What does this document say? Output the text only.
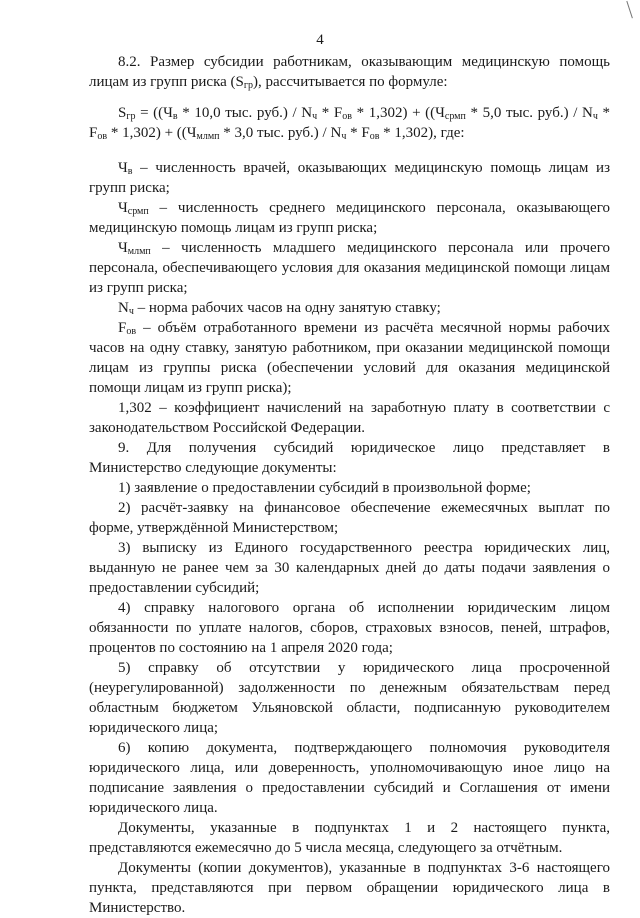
4

8.2. Размер субсидии работникам, оказывающим медицинскую помощь лицам из групп риска $(S_{гр})$, рассчитывается по формуле:

$S_{гр} = ((Ч_в * 10,0$ тыс. $руб.) / N_ч * F_{ов} * 1,302) + ((Ч_{срмп} * 5,0$ тыс. $руб.) / N_ч * F_{ов} * 1,302) + ((Ч_{млмп} * 3,0$ тыс. $руб.) / N_ч * F_{ов} * 1,302$), где:

$Ч_в$ – численность врачей, оказывающих медицинскую помощь лицам из групп риска;

$Ч_{срмп}$ – численность среднего медицинского персонала, оказывающего медицинскую помощь лицам из групп риска;

$Ч_{млмп}$ – численность младшего медицинского персонала или прочего персонала, обеспечивающего условия для оказания медицинской помощи лицам из групп риска;

$N_ч$ – норма рабочих часов на одну занятую ставку;

$F_{ов}$ – объём отработанного времени из расчёта месячной нормы рабочих часов на одну ставку, занятую работником, при оказании медицинской помощи лицам из группы риска (обеспечении условий для оказания медицинской помощи лицам из групп риска);

1,302 – коэффициент начислений на заработную плату в соответствии с законодательством Российской Федерации.

9. Для получения субсидий юридическое лицо представляет в Министерство следующие документы:

1) заявление о предоставлении субсидий в произвольной форме;

2) расчёт-заявку на финансовое обеспечение ежемесячных выплат по форме, утверждённой Министерством;

3) выписку из Единого государственного реестра юридических лиц, выданную не ранее чем за 30 календарных дней до даты подачи заявления о предоставлении субсидий;

4) справку налогового органа об исполнении юридическим лицом обязанности по уплате налогов, сборов, страховых взносов, пеней, штрафов, процентов по состоянию на 1 апреля 2020 года;

5) справку об отсутствии у юридического лица просроченной (неурегулированной) задолженности по денежным обязательствам перед областным бюджетом Ульяновской области, подписанную руководителем юридического лица;

6) копию документа, подтверждающего полномочия руководителя юридического лица, или доверенность, уполномочивающую иное лицо на подписание заявления о предоставлении субсидий и Соглашения от имени юридического лица.

Документы, указанные в подпунктах 1 и 2 настоящего пункта, представляются ежемесячно до 5 числа месяца, следующего за отчётным.

Документы (копии документов), указанные в подпунктах 3-6 настоящего пункта, представляются при первом обращении юридического лица в Министерство.
